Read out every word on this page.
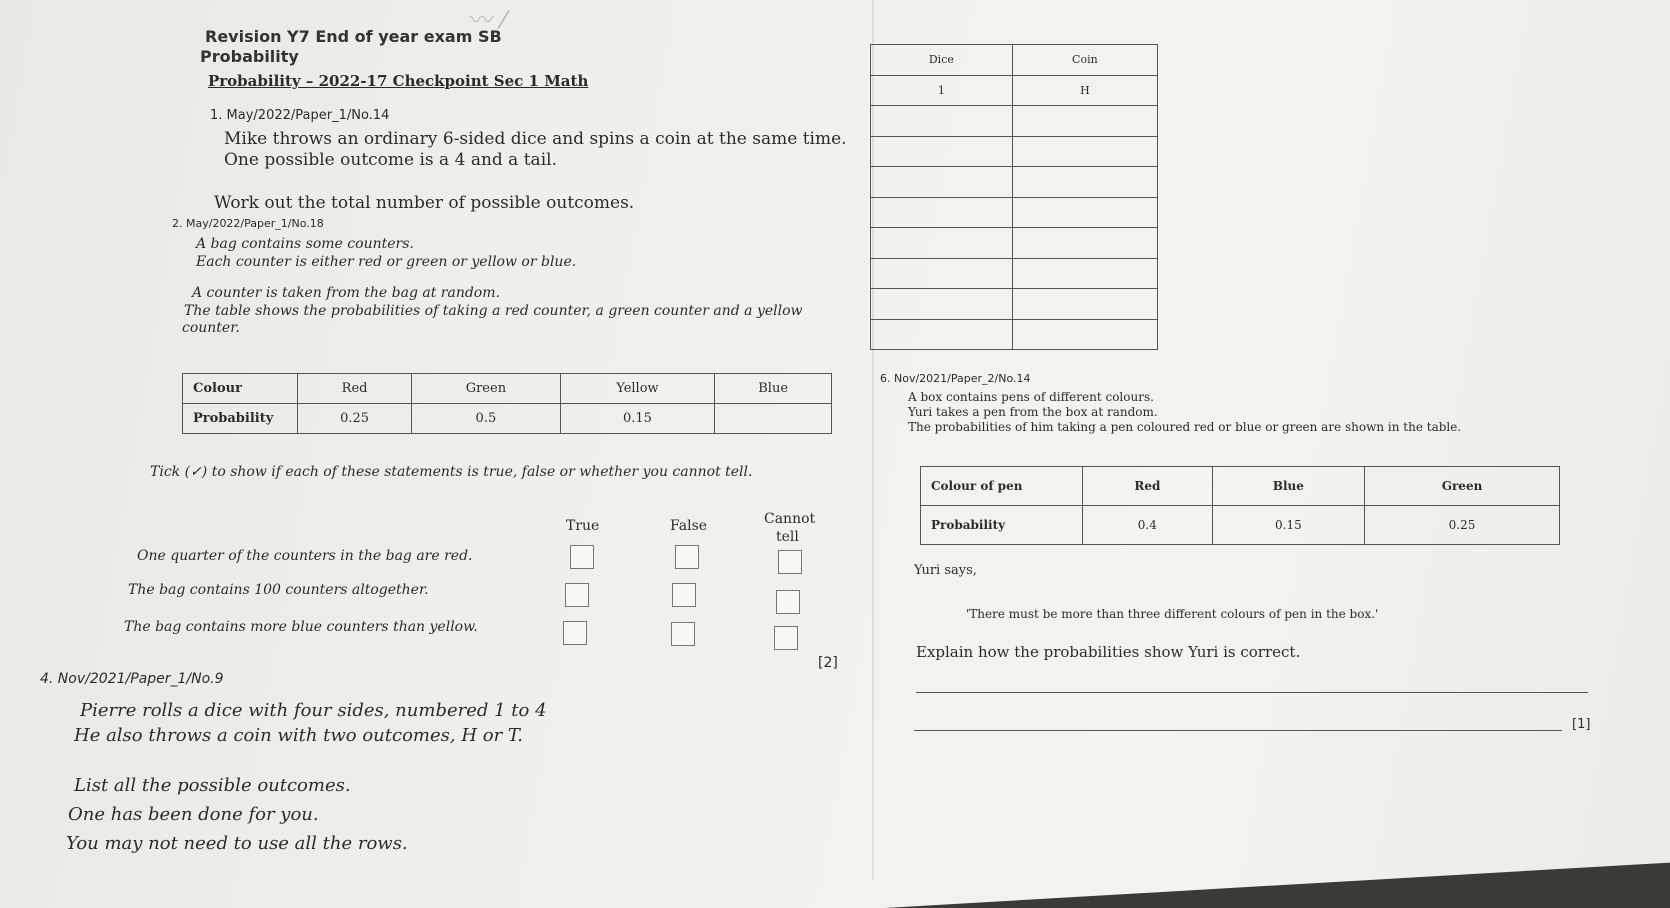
〰︎ ⁄
Revision Y7 End of year exam SB
Probability
Probability – 2022-17 Checkpoint Sec 1 Math
1. May/2022/Paper_1/No.14
Mike throws an ordinary 6-sided dice and spins a coin at the same time.
One possible outcome is a 4 and a tail.
Work out the total number of possible outcomes.
2. May/2022/Paper_1/No.18
A bag contains some counters.
Each counter is either red or green or yellow or blue.
A counter is taken from the bag at random.
The table shows the probabilities of taking a red counter, a green counter and a yellow
counter.
Colour	Red	Green	Yellow	Blue
Probability	0.25	0.5	0.15	
Tick (✓) to show if each of these statements is true, false or whether you cannot tell.
True	False	Cannot
tell
One quarter of the counters in the bag are red.
The bag contains 100 counters altogether.
The bag contains more blue counters than yellow.
[2]
4. Nov/2021/Paper_1/No.9
Pierre rolls a dice with four sides, numbered 1 to 4
He also throws a coin with two outcomes, H or T.
List all the possible outcomes.
One has been done for you.
You may not need to use all the rows.
Dice	Coin
1	H

6. Nov/2021/Paper_2/No.14
A box contains pens of different colours.
Yuri takes a pen from the box at random.
The probabilities of him taking a pen coloured red or blue or green are shown in the table.
Colour of pen	Red	Blue	Green
Probability	0.4	0.15	0.25
Yuri says,
'There must be more than three different colours of pen in the box.'
Explain how the probabilities show Yuri is correct.
[1]
